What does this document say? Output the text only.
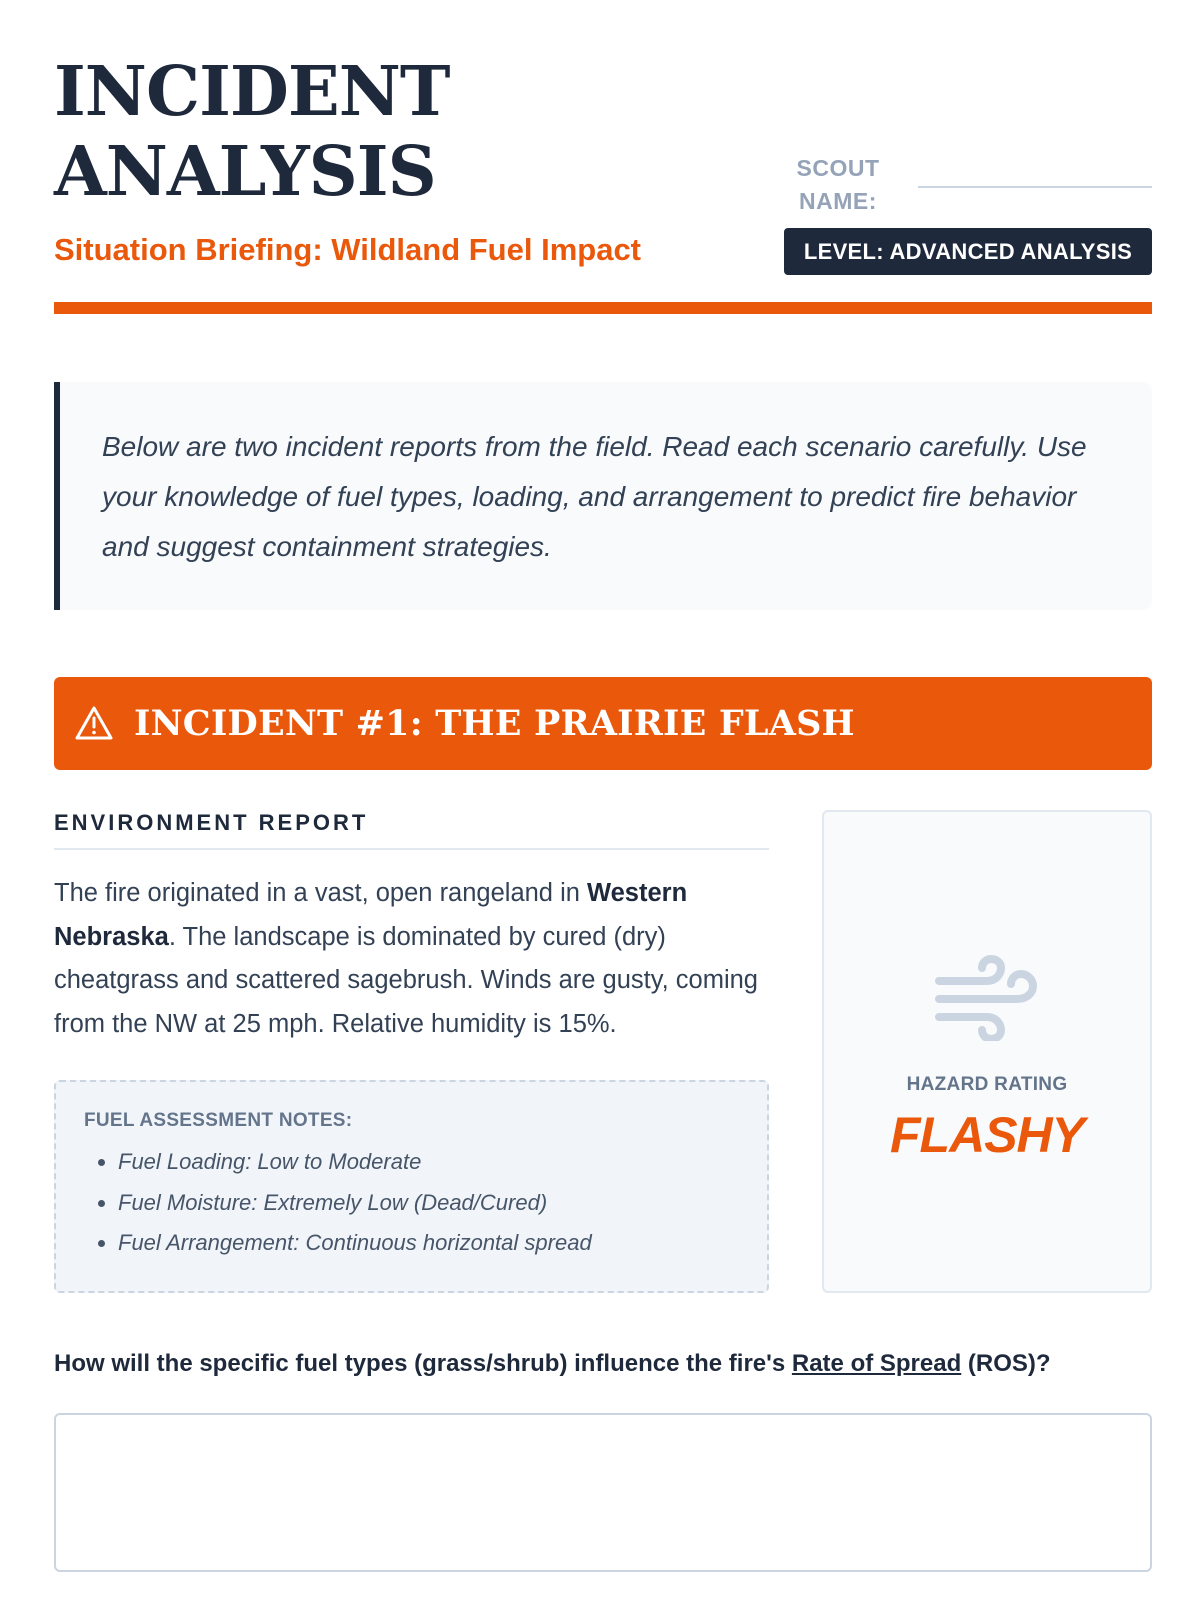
INCIDENT
ANALYSIS

Situation Briefing: Wildland Fuel Impact

SCOUT
NAME:
LEVEL: ADVANCED ANALYSIS

Below are two incident reports from the field. Read each scenario carefully. Use your knowledge of fuel types, loading, and arrangement to predict fire behavior and suggest containment strategies.

INCIDENT #1: THE PRAIRIE FLASH
ENVIRONMENT REPORT

The fire originated in a vast, open rangeland in Western Nebraska. The landscape is dominated by cured (dry) cheatgrass and scattered sagebrush. Winds are gusty, coming from the NW at 25 mph. Relative humidity is 15%.

FUEL ASSESSMENT NOTES:

• Fuel Loading: Low to Moderate
• Fuel Moisture: Extremely Low (Dead/Cured)
• Fuel Arrangement: Continuous horizontal spread
HAZARD RATING
FLASHY

How will the specific fuel types (grass/shrub) influence the fire's Rate of Spread (ROS)?
